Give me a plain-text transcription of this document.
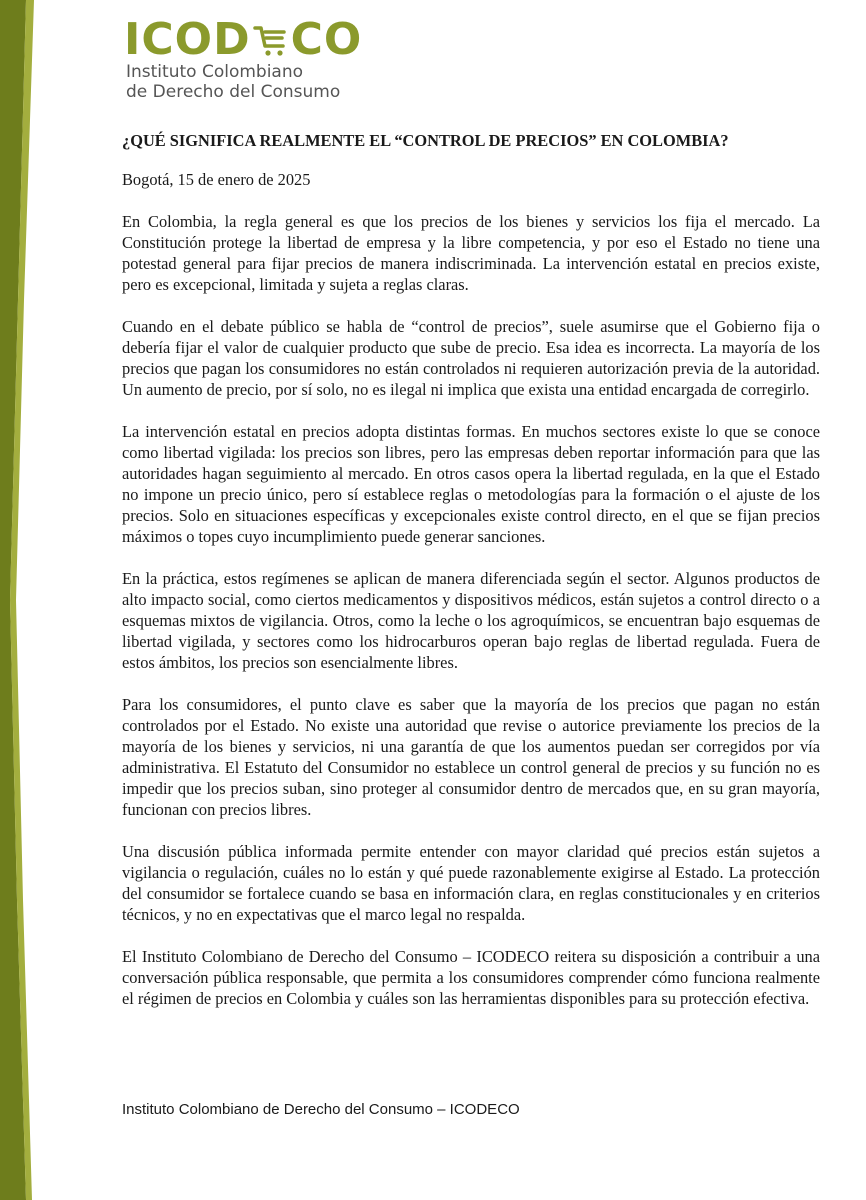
ICOD CO
Instituto Colombiano
de Derecho del Consumo
¿QUÉ SIGNIFICA REALMENTE EL “CONTROL DE PRECIOS” EN COLOMBIA?
Bogotá, 15 de enero de 2025

En Colombia, la regla general es que los precios de los bienes y servicios los fija el mercado. La Constitución protege la libertad de empresa y la libre competencia, y por eso el Estado no tiene una potestad general para fijar precios de manera indiscriminada. La intervención estatal en precios existe, pero es excepcional, limitada y sujeta a reglas claras.

Cuando en el debate público se habla de “control de precios”, suele asumirse que el Gobierno fija o debería fijar el valor de cualquier producto que sube de precio. Esa idea es incorrecta. La mayoría de los precios que pagan los consumidores no están controlados ni requieren autorización previa de la autoridad. Un aumento de precio, por sí solo, no es ilegal ni implica que exista una entidad encargada de corregirlo.

La intervención estatal en precios adopta distintas formas. En muchos sectores existe lo que se conoce como libertad vigilada: los precios son libres, pero las empresas deben reportar información para que las autoridades hagan seguimiento al mercado. En otros casos opera la libertad regulada, en la que el Estado no impone un precio único, pero sí establece reglas o metodologías para la formación o el ajuste de los precios. Solo en situaciones específicas y excepcionales existe control directo, en el que se fijan precios máximos o topes cuyo incumplimiento puede generar sanciones.

En la práctica, estos regímenes se aplican de manera diferenciada según el sector. Algunos productos de alto impacto social, como ciertos medicamentos y dispositivos médicos, están sujetos a control directo o a esquemas mixtos de vigilancia. Otros, como la leche o los agroquímicos, se encuentran bajo esquemas de libertad vigilada, y sectores como los hidrocarburos operan bajo reglas de libertad regulada. Fuera de estos ámbitos, los precios son esencialmente libres.

Para los consumidores, el punto clave es saber que la mayoría de los precios que pagan no están controlados por el Estado. No existe una autoridad que revise o autorice previamente los precios de la mayoría de los bienes y servicios, ni una garantía de que los aumentos puedan ser corregidos por vía administrativa. El Estatuto del Consumidor no establece un control general de precios y su función no es impedir que los precios suban, sino proteger al consumidor dentro de mercados que, en su gran mayoría, funcionan con precios libres.

Una discusión pública informada permite entender con mayor claridad qué precios están sujetos a vigilancia o regulación, cuáles no lo están y qué puede razonablemente exigirse al Estado. La protección del consumidor se fortalece cuando se basa en información clara, en reglas constitucionales y en criterios técnicos, y no en expectativas que el marco legal no respalda.

El Instituto Colombiano de Derecho del Consumo – ICODECO reitera su disposición a contribuir a una conversación pública responsable, que permita a los consumidores comprender cómo funciona realmente el régimen de precios en Colombia y cuáles son las herramientas disponibles para su protección efectiva.

Instituto Colombiano de Derecho del Consumo – ICODECO
